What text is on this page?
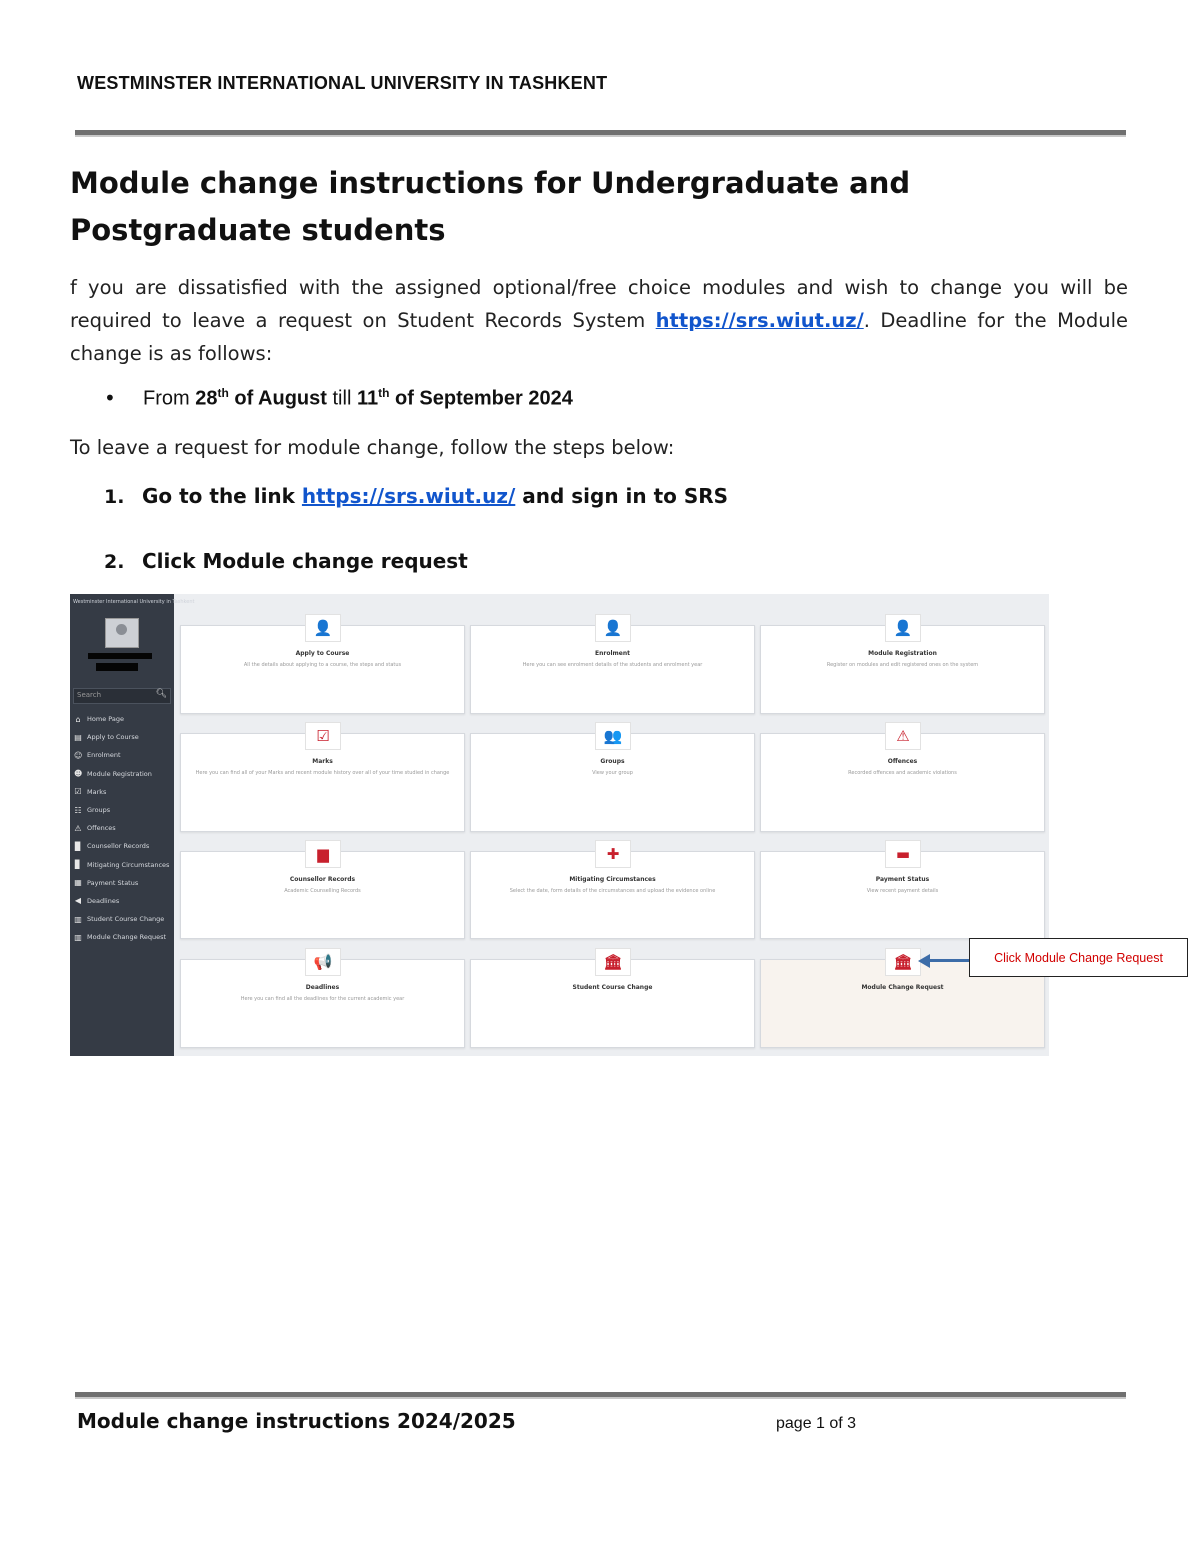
WESTMINSTER INTERNATIONAL UNIVERSITY IN TASHKENT
Module change instructions for Undergraduate and
Postgraduate students
f you are dissatisfied with the assigned optional/free choice modules and wish to change you will be required to leave a request on Student Records System https://srs.wiut.uz/. Deadline for the Module change is as follows:
• From 28th of August till 11th of September 2024
To leave a request for module change, follow the steps below:
1. Go to the link https://srs.wiut.uz/ and sign in to SRS
2. Click Module change request
Westminster International University in Tashkent
Search	🔍︎
⌂ Home Page
▤ Apply to Course
☺ Enrolment
☻ Module Registration
☑ Marks
☷ Groups
⚠ Offences
▉ Counsellor Records
▊ Mitigating Circumstances
▦ Payment Status
◀ Deadlines
▥ Student Course Change
▥ Module Change Request
👤
Apply to Course
All the details about applying to a course, the steps and status
👤
Enrolment
Here you can see enrolment details of the students and enrolment year
👤
Module Registration
Register on modules and edit registered ones on the system
☑
Marks
Here you can find all of your Marks and recent module history over all of your time studied in change
👥
Groups
View your group
⚠
Offences
Recorded offences and academic violations
▆
Counsellor Records
Academic Counselling Records
✚
Mitigating Circumstances
Select the date, form details of the circumstances and upload the evidence online
▬
Payment Status
View recent payment details
📢
Deadlines
Here you can find all the deadlines for the current academic year
🏛
Student Course Change
🏛
Module Change Request
Click Module Change Request
Module change instructions 2024/2025	page 1 of 3
